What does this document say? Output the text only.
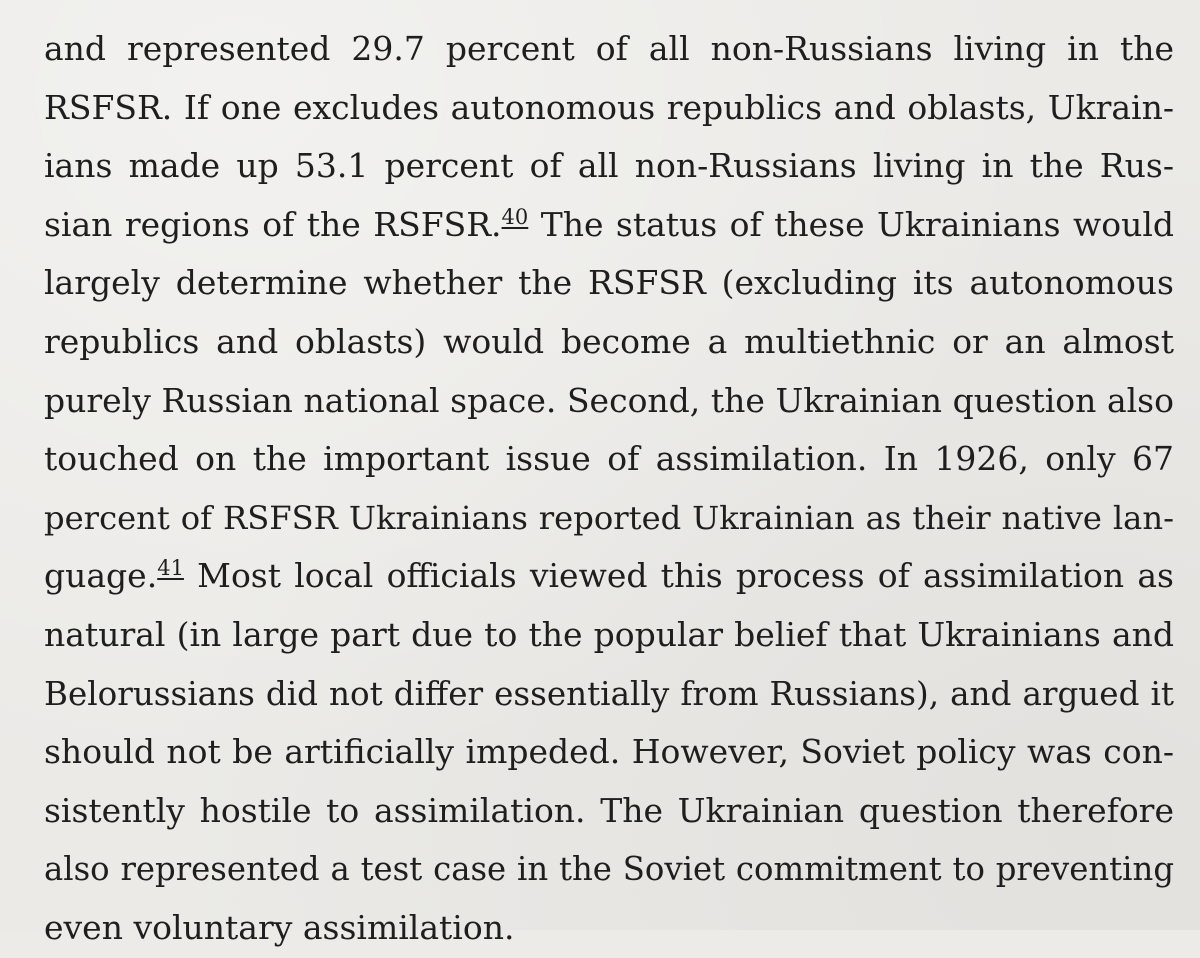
and represented 29.7 percent of all non-Russians living in the
RSFSR. If one excludes autonomous republics and oblasts, Ukrain-
ians made up 53.1 percent of all non-Russians living in the Rus-
sian regions of the RSFSR.$^{40}$ The status of these Ukrainians would
largely determine whether the RSFSR (excluding its autonomous
republics and oblasts) would become a multiethnic or an almost
purely Russian national space. Second, the Ukrainian question also
touched on the important issue of assimilation. In 1926, only 67
percent of RSFSR Ukrainians reported Ukrainian as their native lan-
guage.$^{41}$ Most local officials viewed this process of assimilation as
natural (in large part due to the popular belief that Ukrainians and
Belorussians did not differ essentially from Russians), and argued it
should not be artificially impeded. However, Soviet policy was con-
sistently hostile to assimilation. The Ukrainian question therefore
also represented a test case in the Soviet commitment to preventing
even voluntary assimilation.
